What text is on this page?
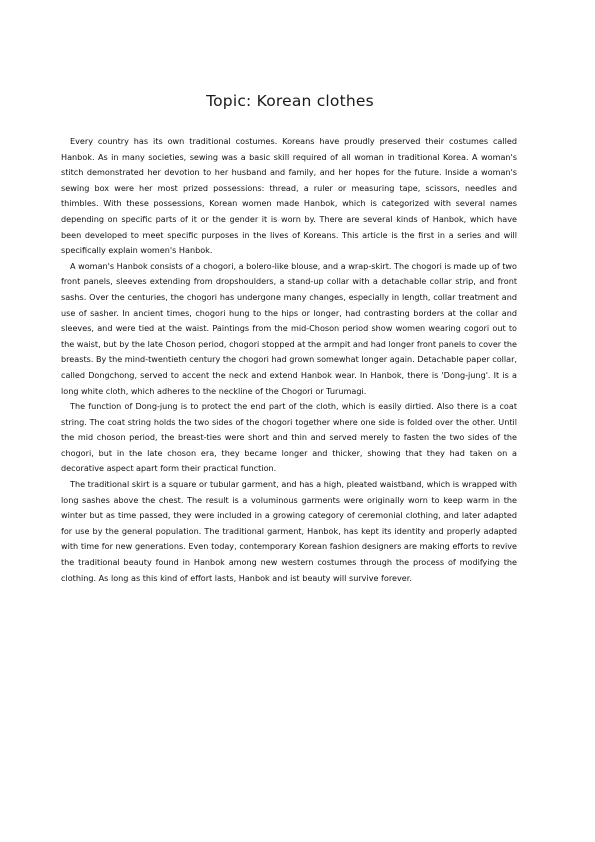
Topic: Korean clothes

Every country has its own traditional costumes. Koreans have proudly preserved their costumes called Hanbok. As in many societies, sewing was a basic skill required of all woman in traditional Korea. A woman's stitch demonstrated her devotion to her husband and family, and her hopes for the future. Inside a woman's sewing box were her most prized possessions: thread, a ruler or measuring tape, scissors, needles and thimbles. With these possessions, Korean women made Hanbok, which is categorized with several names depending on specific parts of it or the gender it is worn by. There are several kinds of Hanbok, which have been developed to meet specific purposes in the lives of Koreans. This article is the first in a series and will specifically explain women's Hanbok.

A woman's Hanbok consists of a chogori, a bolero-like blouse, and a wrap-skirt. The chogori is made up of two front panels, sleeves extending from dropshoulders, a stand-up collar with a detachable collar strip, and front sashs. Over the centuries, the chogori has undergone many changes, especially in length, collar treatment and use of sasher. In ancient times, chogori hung to the hips or longer, had contrasting borders at the collar and sleeves, and were tied at the waist. Paintings from the mid-Choson period show women wearing cogori out to the waist, but by the late Choson period, chogori stopped at the armpit and had longer front panels to cover the breasts. By the mind-twentieth century the chogori had grown somewhat longer again. Detachable paper collar, called Dongchong, served to accent the neck and extend Hanbok wear. In Hanbok, there is 'Dong-jung'. It is a long white cloth, which adheres to the neckline of the Chogori or Turumagi.

The function of Dong-jung is to protect the end part of the cloth, which is easily dirtied. Also there is a coat string. The coat string holds the two sides of the chogori together where one side is folded over the other. Until the mid choson period, the breast-ties were short and thin and served merely to fasten the two sides of the chogori, but in the late choson era, they became longer and thicker, showing that they had taken on a decorative aspect apart form their practical function.

The traditional skirt is a square or tubular garment, and has a high, pleated waistband, which is wrapped with long sashes above the chest. The result is a voluminous garments were originally worn to keep warm in the winter but as time passed, they were included in a growing category of ceremonial clothing, and later adapted for use by the general population. The traditional garment, Hanbok, has kept its identity and properly adapted with time for new generations. Even today, contemporary Korean fashion designers are making efforts to revive the traditional beauty found in Hanbok among new western costumes through the process of modifying the clothing. As long as this kind of effort lasts, Hanbok and ist beauty will survive forever.
